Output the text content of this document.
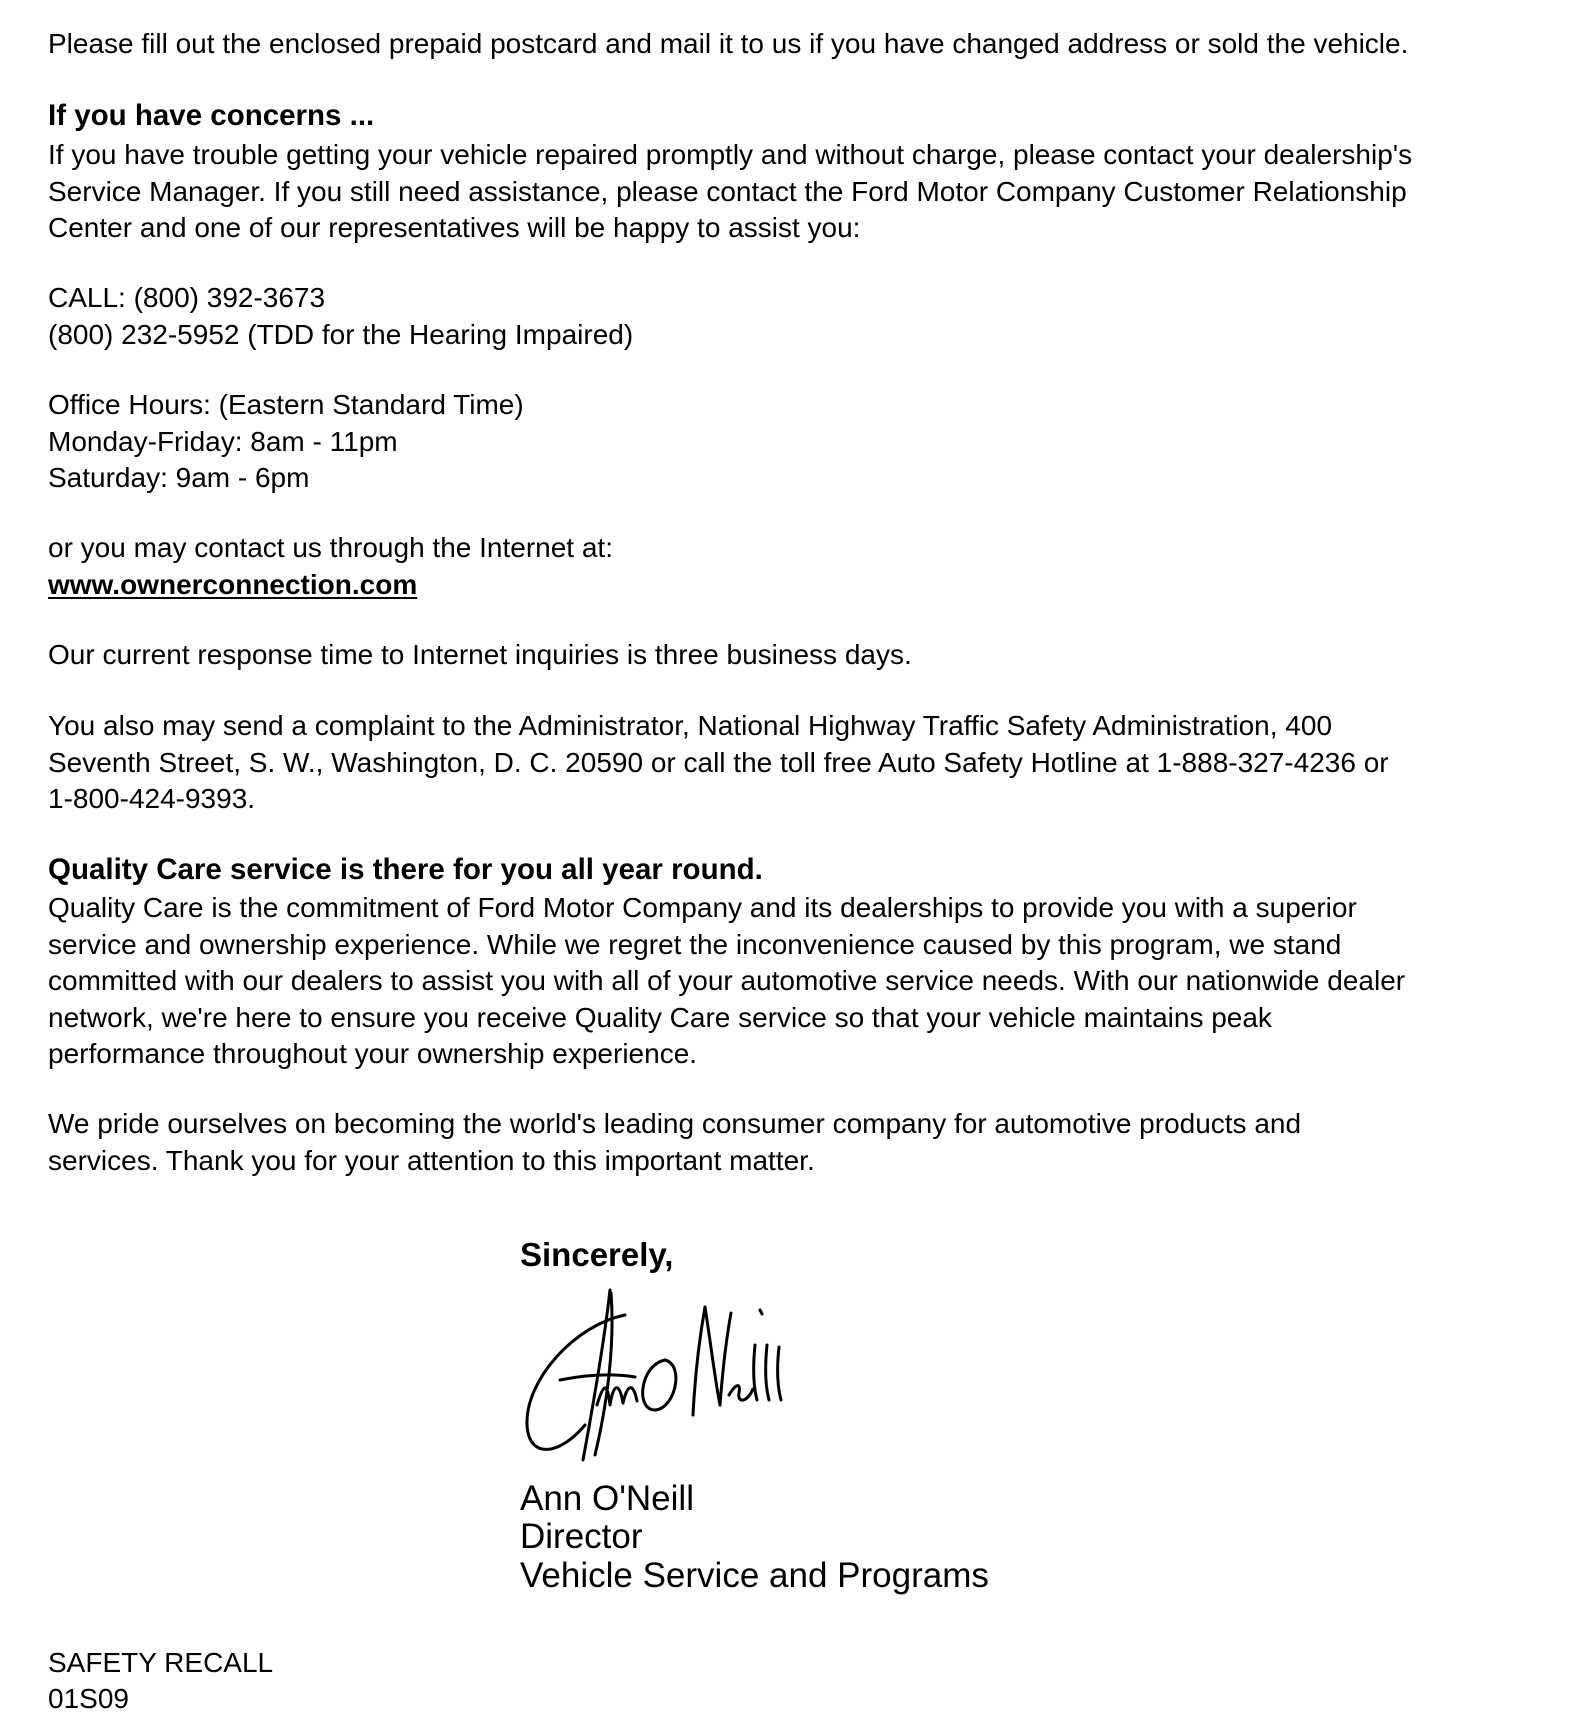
Please fill out the enclosed prepaid postcard and mail it to us if you have changed address or sold the vehicle.

If you have concerns ...

If you have trouble getting your vehicle repaired promptly and without charge, please contact your dealership's

Service Manager. If you still need assistance, please contact the Ford Motor Company Customer Relationship

Center and one of our representatives will be happy to assist you:

CALL: (800) 392-3673

(800) 232-5952 (TDD for the Hearing Impaired)

Office Hours: (Eastern Standard Time)

Monday-Friday: 8am - 11pm

Saturday: 9am - 6pm

or you may contact us through the Internet at:

www.ownerconnection.com

Our current response time to Internet inquiries is three business days.

You also may send a complaint to the Administrator, National Highway Traffic Safety Administration, 400

Seventh Street, S. W., Washington, D. C. 20590 or call the toll free Auto Safety Hotline at 1-888-327-4236 or

1-800-424-9393.

Quality Care service is there for you all year round.

Quality Care is the commitment of Ford Motor Company and its dealerships to provide you with a superior

service and ownership experience. While we regret the inconvenience caused by this program, we stand

committed with our dealers to assist you with all of your automotive service needs. With our nationwide dealer

network, we're here to ensure you receive Quality Care service so that your vehicle maintains peak

performance throughout your ownership experience.

We pride ourselves on becoming the world's leading consumer company for automotive products and

services. Thank you for your attention to this important matter.

Sincerely,

Ann O'Neill

Director

Vehicle Service and Programs

SAFETY RECALL

01S09
